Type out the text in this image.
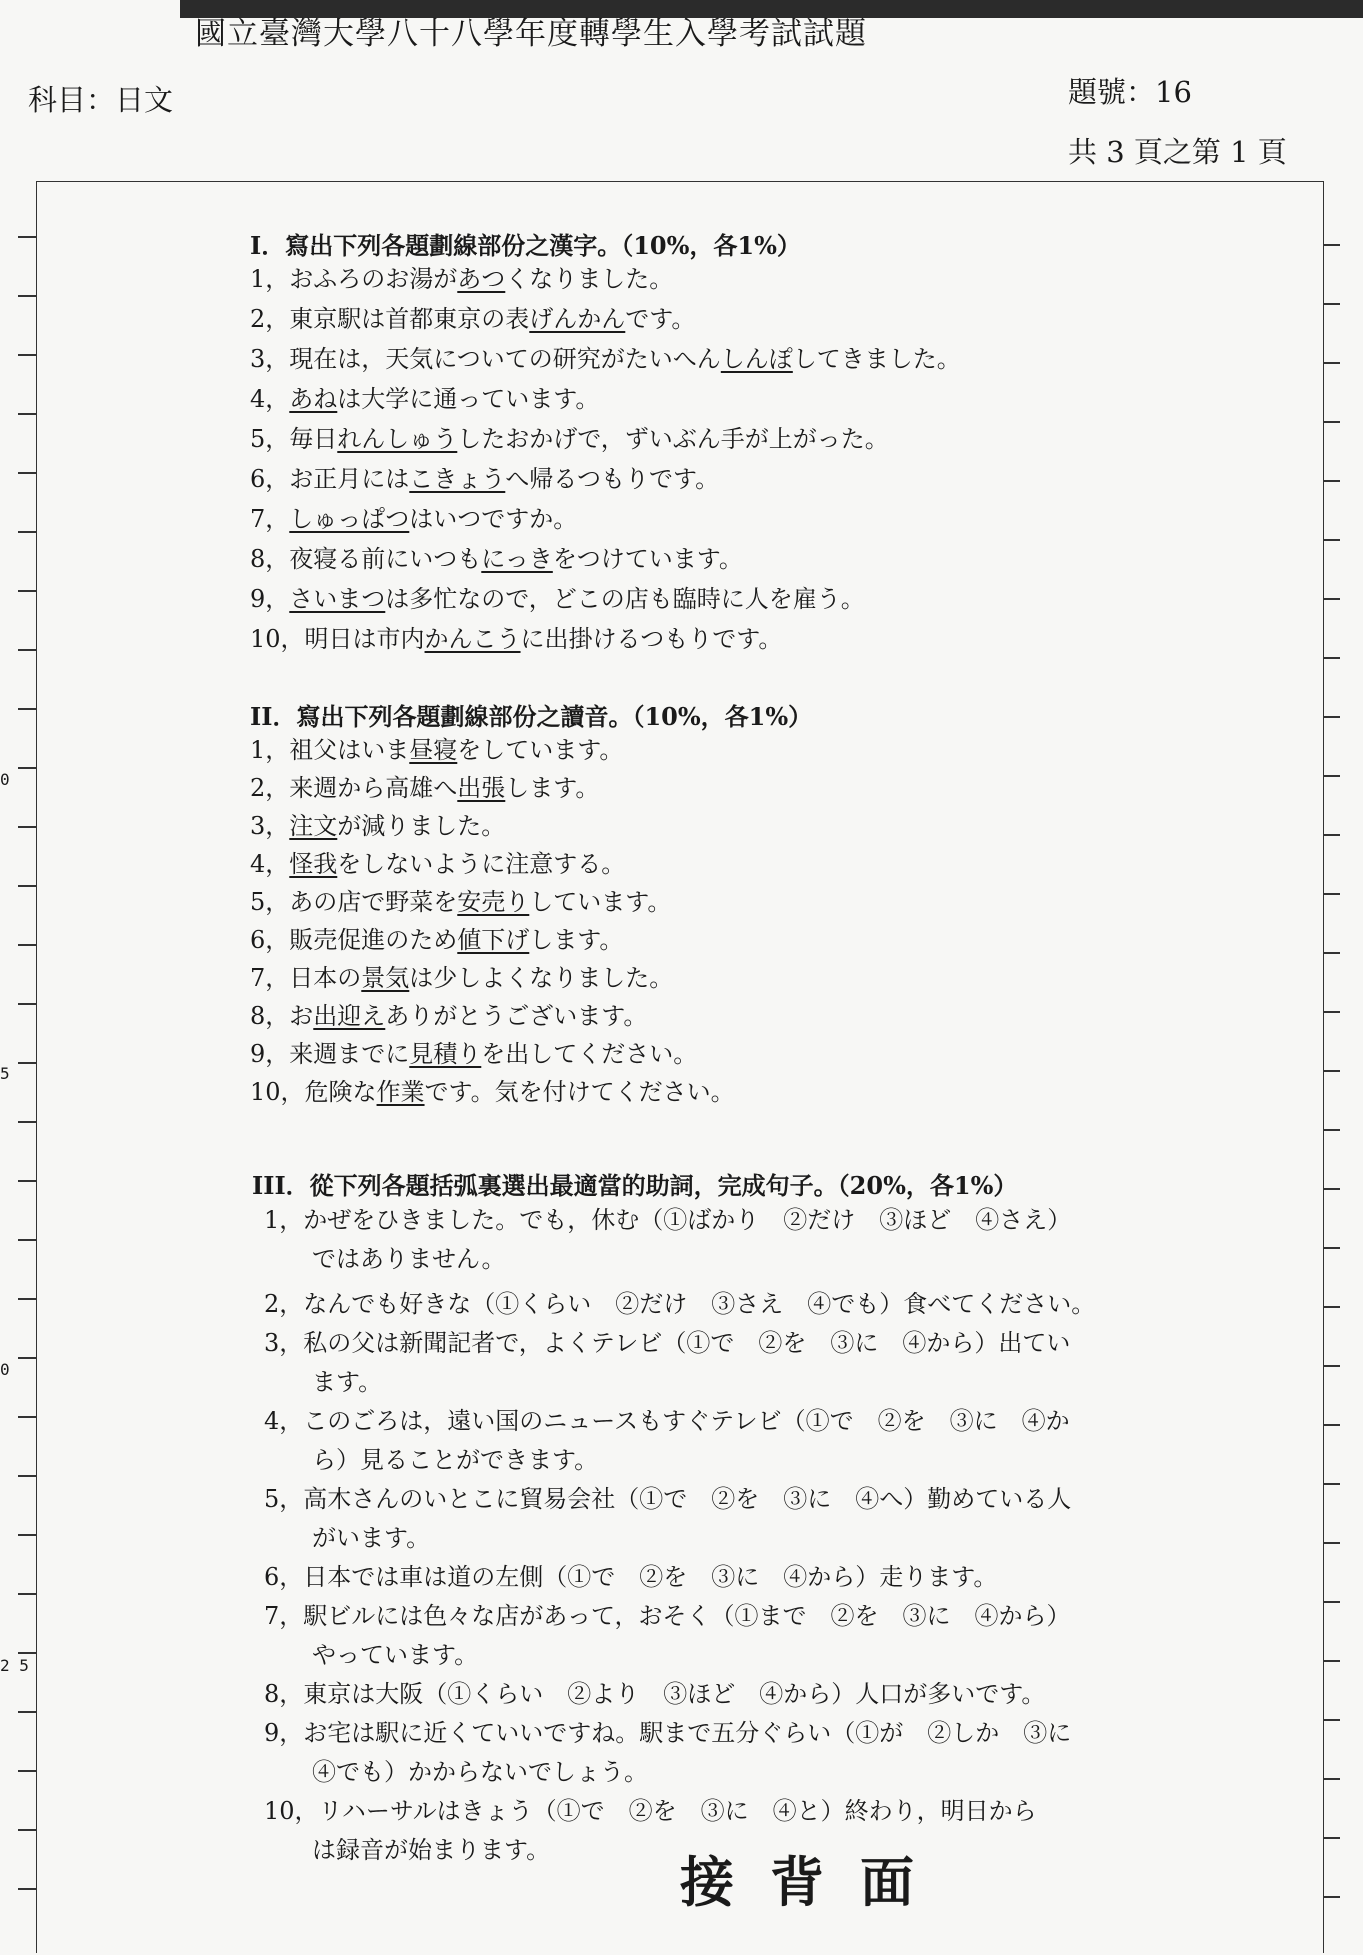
國立臺灣大學八十八學年度轉學生入學考試試題
科目：日文	題號：16
共 3 頁之第 1 頁
0
5
0
2 5
I．寫出下列各題劃線部份之漢字。（10%，各1%）
1，おふろのお湯があつくなりました。
2，東京駅は首都東京の表げんかんです。
3，現在は，天気についての研究がたいへんしんぽしてきました。
4，あねは大学に通っています。
5，毎日れんしゅうしたおかげで，ずいぶん手が上がった。
6，お正月にはこきょうへ帰るつもりです。
7，しゅっぱつはいつですか。
8，夜寝る前にいつもにっきをつけています。
9，さいまつは多忙なので，どこの店も臨時に人を雇う。
10，明日は市内かんこうに出掛けるつもりです。
II．寫出下列各題劃線部份之讀音。（10%，各1%）
1，祖父はいま昼寝をしています。
2，来週から高雄へ出張します。
3，注文が減りました。
4，怪我をしないように注意する。
5，あの店で野菜を安売りしています。
6，販売促進のため値下げします。
7，日本の景気は少しよくなりました。
8，お出迎えありがとうございます。
9，来週までに見積りを出してください。
10，危険な作業です。気を付けてください。
III．從下列各題括弧裏選出最適當的助詞，完成句子。（20%，各1%）
1，かぜをひきました。でも，休む（①ばかり　②だけ　③ほど　④さえ）
ではありません。
2，なんでも好きな（①くらい　②だけ　③さえ　④でも）食べてください。
3，私の父は新聞記者で，よくテレビ（①で　②を　③に　④から）出てい
ます。
4，このごろは，遠い国のニュースもすぐテレビ（①で　②を　③に　④か
ら）見ることができます。
5，高木さんのいとこに貿易会社（①で　②を　③に　④へ）勤めている人
がいます。
6，日本では車は道の左側（①で　②を　③に　④から）走ります。
7，駅ビルには色々な店があって，おそく（①まで　②を　③に　④から）
やっています。
8，東京は大阪（①くらい　②より　③ほど　④から）人口が多いです。
9，お宅は駅に近くていいですね。駅まで五分ぐらい（①が　②しか　③に
④でも）かからないでしょう。
10，リハーサルはきょう（①で　②を　③に　④と）終わり，明日から
は録音が始まります。 接背面
